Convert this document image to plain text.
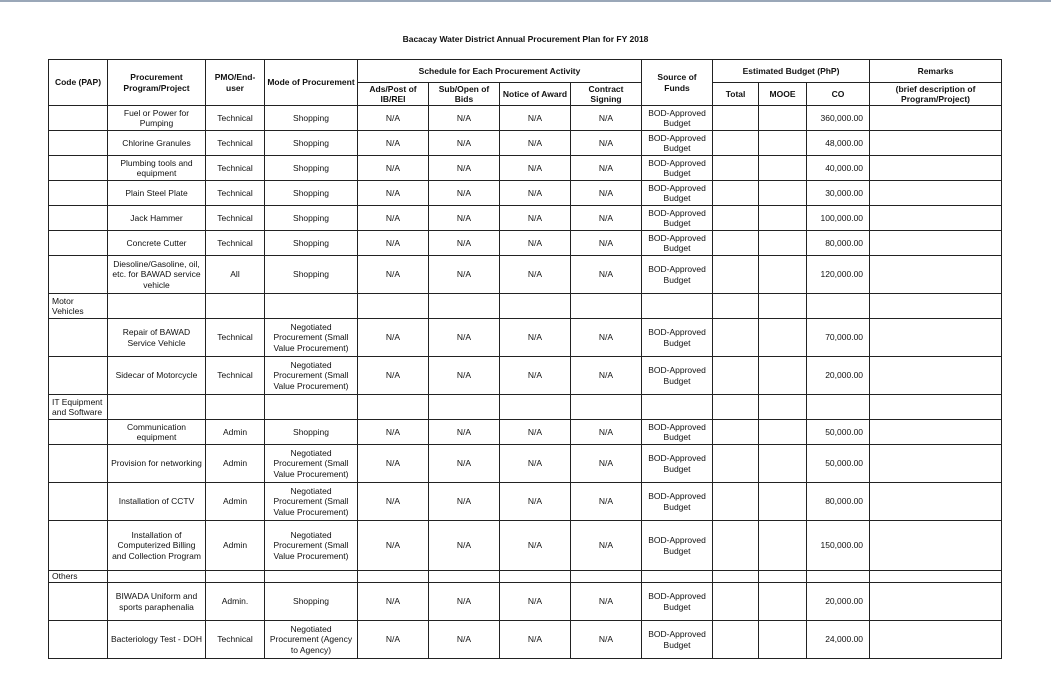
Bacacay Water District Annual Procurement Plan for FY 2018
Code (PAP)	Procurement Program/Project	PMO/End-user	Mode of Procurement	Schedule for Each Procurement Activity				Source of Funds	Estimated Budget (PhP)			Remarks
				Ads/Post of IB/REI	Sub/Open of Bids	Notice of Award	Contract Signing		Total	MOOE	CO	(brief description of Program/Project)
	Fuel or Power for Pumping	Technical	Shopping	N/A	N/A	N/A	N/A	BOD-Approved Budget			360,000.00	
	Chlorine Granules	Technical	Shopping	N/A	N/A	N/A	N/A	BOD-Approved Budget			48,000.00	
	Plumbing tools and equipment	Technical	Shopping	N/A	N/A	N/A	N/A	BOD-Approved Budget			40,000.00	
	Plain Steel Plate	Technical	Shopping	N/A	N/A	N/A	N/A	BOD-Approved Budget			30,000.00	
	Jack Hammer	Technical	Shopping	N/A	N/A	N/A	N/A	BOD-Approved Budget			100,000.00	
	Concrete Cutter	Technical	Shopping	N/A	N/A	N/A	N/A	BOD-Approved Budget			80,000.00	
	Diesoline/Gasoline, oil, etc. for BAWAD service vehicle	All	Shopping	N/A	N/A	N/A	N/A	BOD-Approved Budget			120,000.00	
Motor Vehicles												
	Repair of BAWAD Service Vehicle	Technical	Negotiated Procurement (Small Value Procurement)	N/A	N/A	N/A	N/A	BOD-Approved Budget			70,000.00	
	Sidecar of Motorcycle	Technical	Negotiated Procurement (Small Value Procurement)	N/A	N/A	N/A	N/A	BOD-Approved Budget			20,000.00	
IT Equipment and Software												
	Communication equipment	Admin	Shopping	N/A	N/A	N/A	N/A	BOD-Approved Budget			50,000.00	
	Provision for networking	Admin	Negotiated Procurement (Small Value Procurement)	N/A	N/A	N/A	N/A	BOD-Approved Budget			50,000.00	
	Installation of CCTV	Admin	Negotiated Procurement (Small Value Procurement)	N/A	N/A	N/A	N/A	BOD-Approved Budget			80,000.00	
	Installation of Computerized Billing and Collection Program	Admin	Negotiated Procurement (Small Value Procurement)	N/A	N/A	N/A	N/A	BOD-Approved Budget			150,000.00	
Others												
	BIWADA Uniform and sports paraphenalia	Admin.	Shopping	N/A	N/A	N/A	N/A	BOD-Approved Budget			20,000.00	
	Bacteriology Test - DOH	Technical	Negotiated Procurement (Agency to Agency)	N/A	N/A	N/A	N/A	BOD-Approved Budget			24,000.00	
